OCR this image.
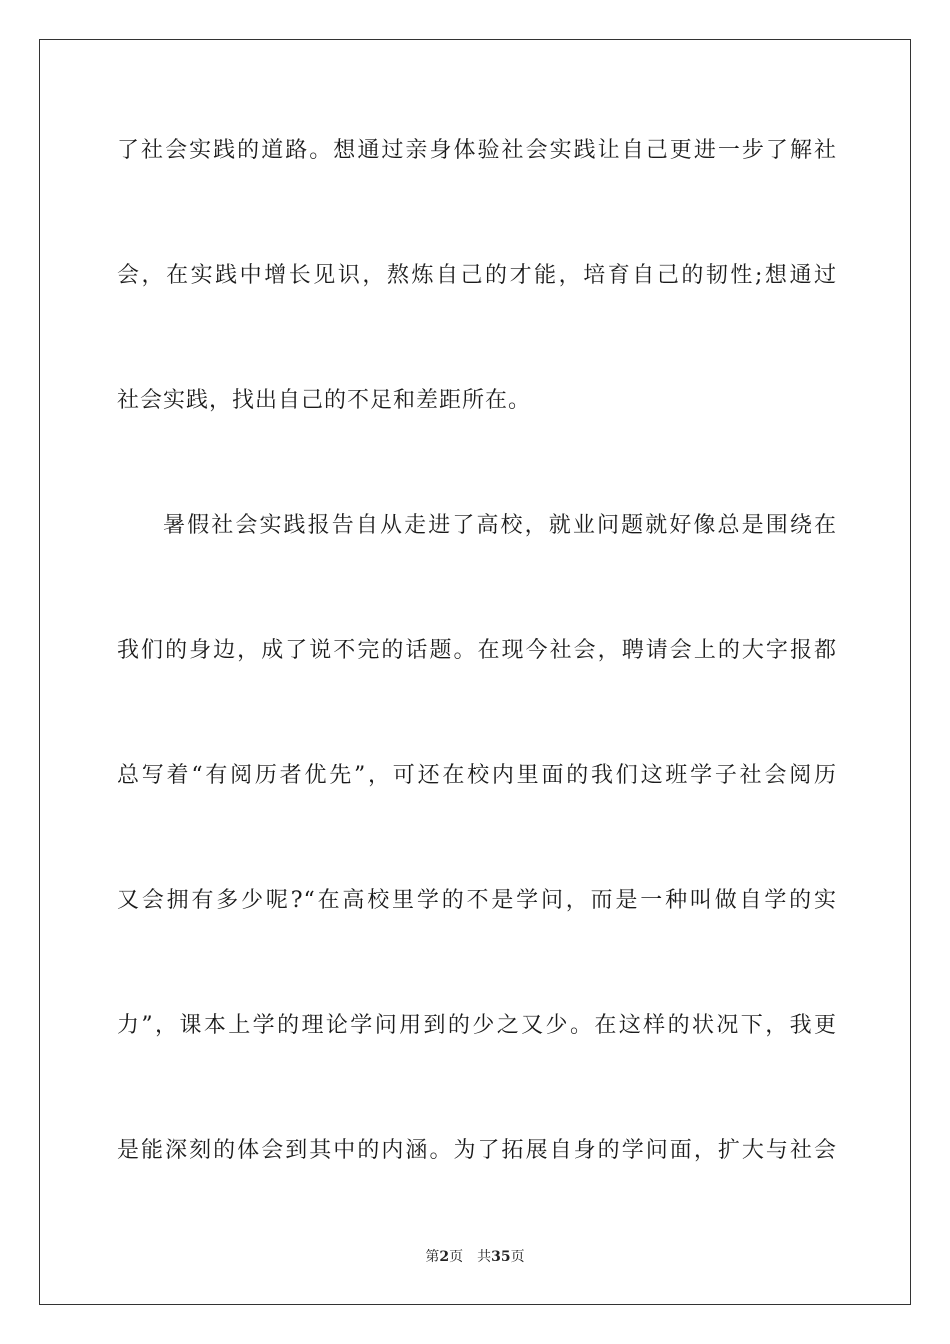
了社会实践的道路。想通过亲身体验社会实践让自己更进一步了解社
会，在实践中增长见识，熬炼自己的才能，培育自己的韧性;想通过
社会实践，找出自己的不足和差距所在。
暑假社会实践报告自从走进了高校，就业问题就好像总是围绕在
我们的身边，成了说不完的话题。在现今社会，聘请会上的大字报都
总写着“有阅历者优先”，可还在校内里面的我们这班学子社会阅历
又会拥有多少呢?“在高校里学的不是学问，而是一种叫做自学的实
力”，课本上学的理论学问用到的少之又少。在这样的状况下，我更
是能深刻的体会到其中的内涵。为了拓展自身的学问面，扩大与社会
第2页 共35页
